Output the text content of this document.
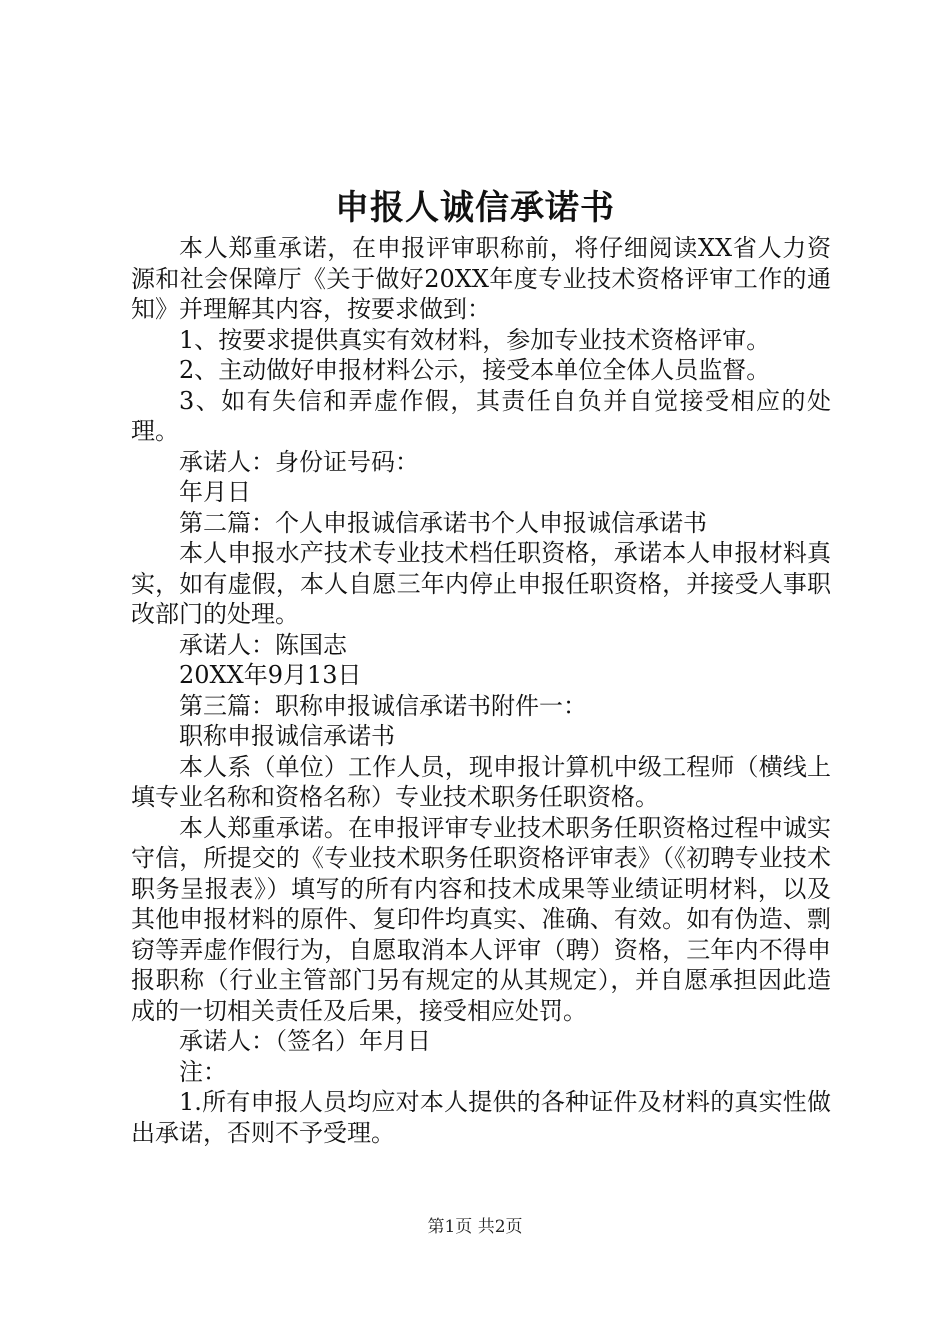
申报人诚信承诺书

本人郑重承诺，在申报评审职称前，将仔细阅读XX省人力资源和社会保障厅《关于做好20XX年度专业技术资格评审工作的通知》并理解其内容，按要求做到：

1、按要求提供真实有效材料，参加专业技术资格评审。

2、主动做好申报材料公示，接受本单位全体人员监督。

3、如有失信和弄虚作假，其责任自负并自觉接受相应的处理。

承诺人：身份证号码：

年月日

第二篇：个人申报诚信承诺书个人申报诚信承诺书

本人申报水产技术专业技术档任职资格，承诺本人申报材料真实，如有虚假，本人自愿三年内停止申报任职资格，并接受人事职改部门的处理。

承诺人：陈国志

20XX年9月13日

第三篇：职称申报诚信承诺书附件一：

职称申报诚信承诺书

本人系（单位）工作人员，现申报计算机中级工程师（横线上填专业名称和资格名称）专业技术职务任职资格。

本人郑重承诺。在申报评审专业技术职务任职资格过程中诚实守信，所提交的《专业技术职务任职资格评审表》（《初聘专业技术职务呈报表》）填写的所有内容和技术成果等业绩证明材料，以及其他申报材料的原件、复印件均真实、准确、有效。如有伪造、剽窃等弄虚作假行为，自愿取消本人评审（聘）资格，三年内不得申报职称（行业主管部门另有规定的从其规定），并自愿承担因此造成的一切相关责任及后果，接受相应处罚。

承诺人：（签名）年月日

注：

1.所有申报人员均应对本人提供的各种证件及材料的真实性做出承诺，否则不予受理。

第1页 共2页
